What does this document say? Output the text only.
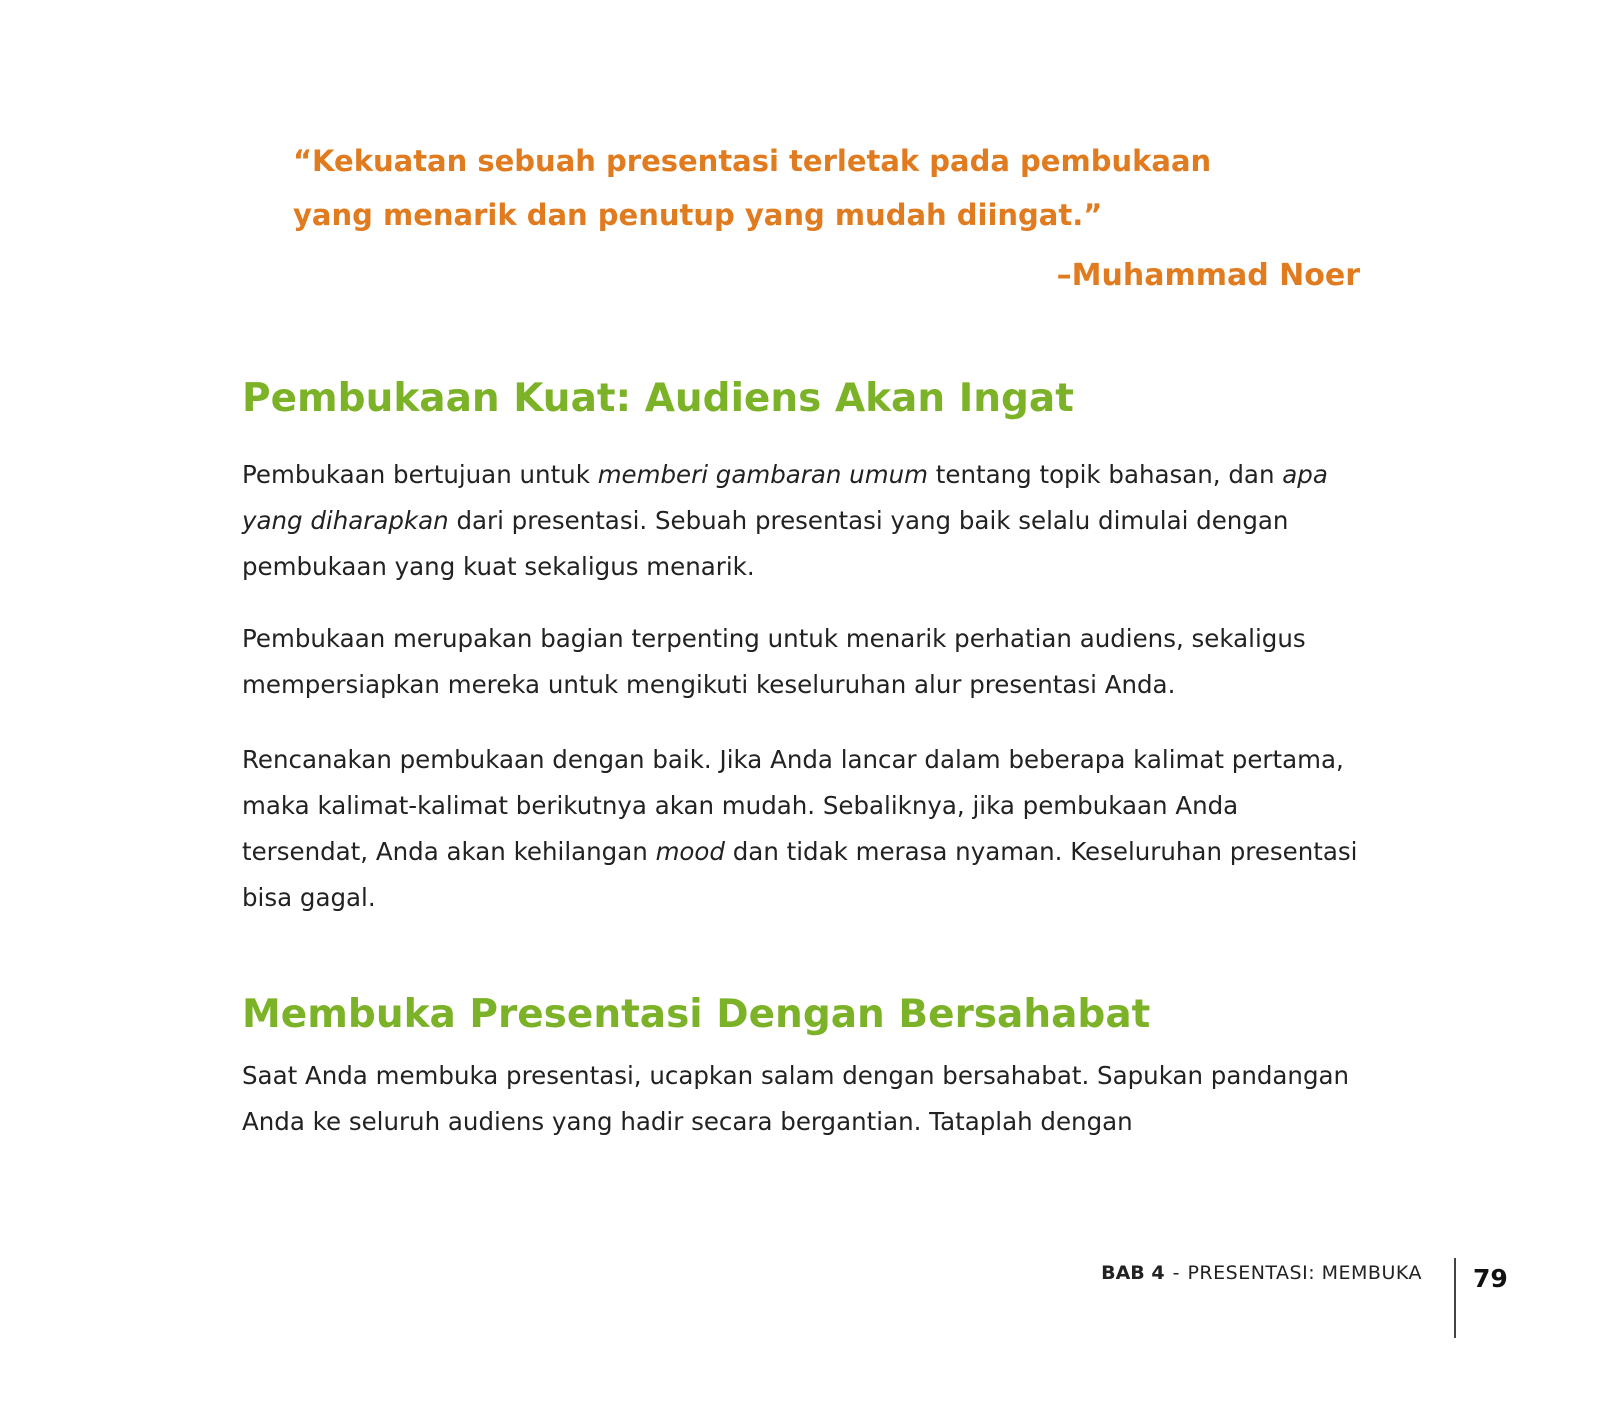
“Kekuatan sebuah presentasi terletak pada pembukaan yang menarik dan penutup yang mudah diingat.”

–Muhammad Noer

Pembukaan Kuat: Audiens Akan Ingat

Pembukaan bertujuan untuk memberi gambaran umum tentang topik bahasan, dan apa yang diharapkan dari presentasi. Sebuah presentasi yang baik selalu dimulai dengan pembukaan yang kuat sekaligus menarik.

Pembukaan merupakan bagian terpenting untuk menarik perhatian audiens, sekaligus mempersiapkan mereka untuk mengikuti keseluruhan alur presentasi Anda.

Rencanakan pembukaan dengan baik. Jika Anda lancar dalam beberapa kalimat pertama, maka kalimat-kalimat berikutnya akan mudah. Sebaliknya, jika pembukaan Anda tersendat, Anda akan kehilangan mood dan tidak merasa nyaman. Keseluruhan presentasi bisa gagal.

Membuka Presentasi Dengan Bersahabat

Saat Anda membuka presentasi, ucapkan salam dengan bersahabat. Sapukan pandangan Anda ke seluruh audiens yang hadir secara bergantian. Tataplah dengan

BAB 4 - PRESENTASI: MEMBUKA 79
